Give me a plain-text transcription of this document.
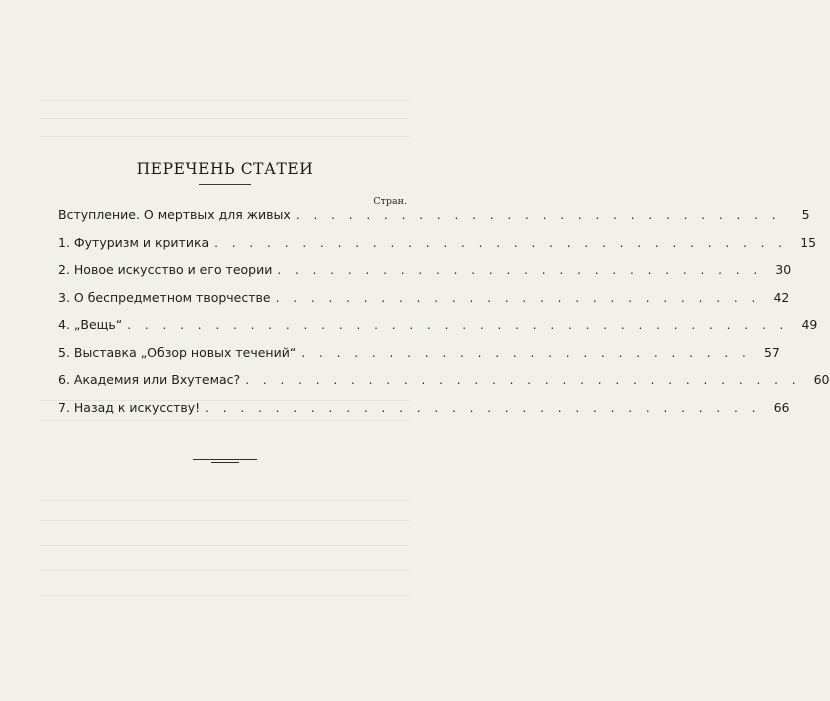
ПЕРЕЧЕНЬ СТАТЕИ
Стран.
Вступление. О мертвых для живых . . . . . . . . . . . . . . . . . . . . . . . . . . . .	5
1. Футуризм и критика . . . . . . . . . . . . . . . . . . . . . . . . . . . . . . . . .	15
2. Новое искусство и его теории . . . . . . . . . . . . . . . . . . . . . . . . . . . .	30
3. О беспредметном творчестве . . . . . . . . . . . . . . . . . . . . . . . . . . . .	42
4. „Вещь“ . . . . . . . . . . . . . . . . . . . . . . . . . . . . . . . . . . . . . .	49
5. Выставка „Обзор новых течений“ . . . . . . . . . . . . . . . . . . . . . . . . . .	57
6. Академия или Вхутемас? . . . . . . . . . . . . . . . . . . . . . . . . . . . . . . . .	60
7. Назад к искусству! . . . . . . . . . . . . . . . . . . . . . . . . . . . . . . . .	66
